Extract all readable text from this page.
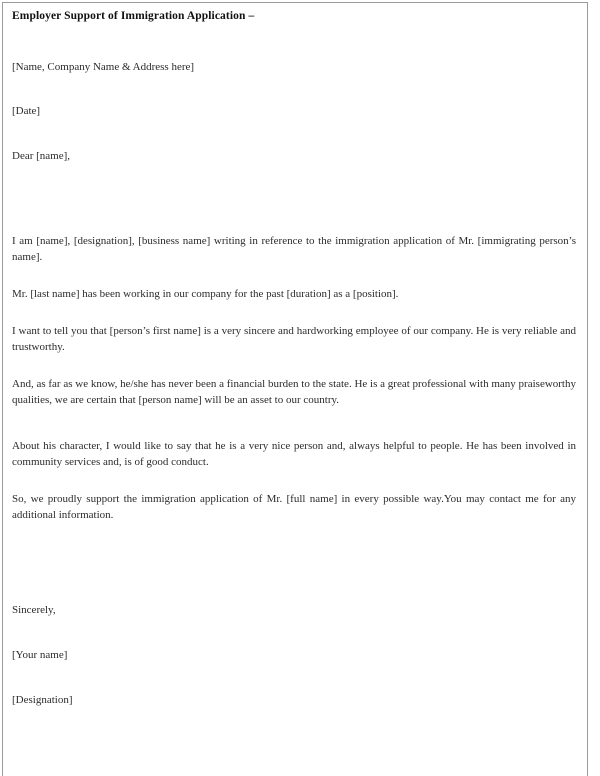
Employer Support of Immigration Application –

[Name, Company Name & Address here]

[Date]

Dear [name],

I am [name], [designation], [business name] writing in reference to the immigration application of Mr. [immigrating person’s name].

Mr. [last name] has been working in our company for the past [duration] as a [position].

I want to tell you that [person’s first name] is a very sincere and hardworking employee of our company. He is very reliable and trustworthy.

And, as far as we know, he/she has never been a financial burden to the state. He is a great professional with many praiseworthy qualities, we are certain that [person name] will be an asset to our country.

About his character, I would like to say that he is a very nice person and, always helpful to people. He has been involved in community services and, is of good conduct.

So, we proudly support the immigration application of Mr. [full name] in every possible way.You may contact me for any additional information.

Sincerely,

[Your name]

[Designation]
